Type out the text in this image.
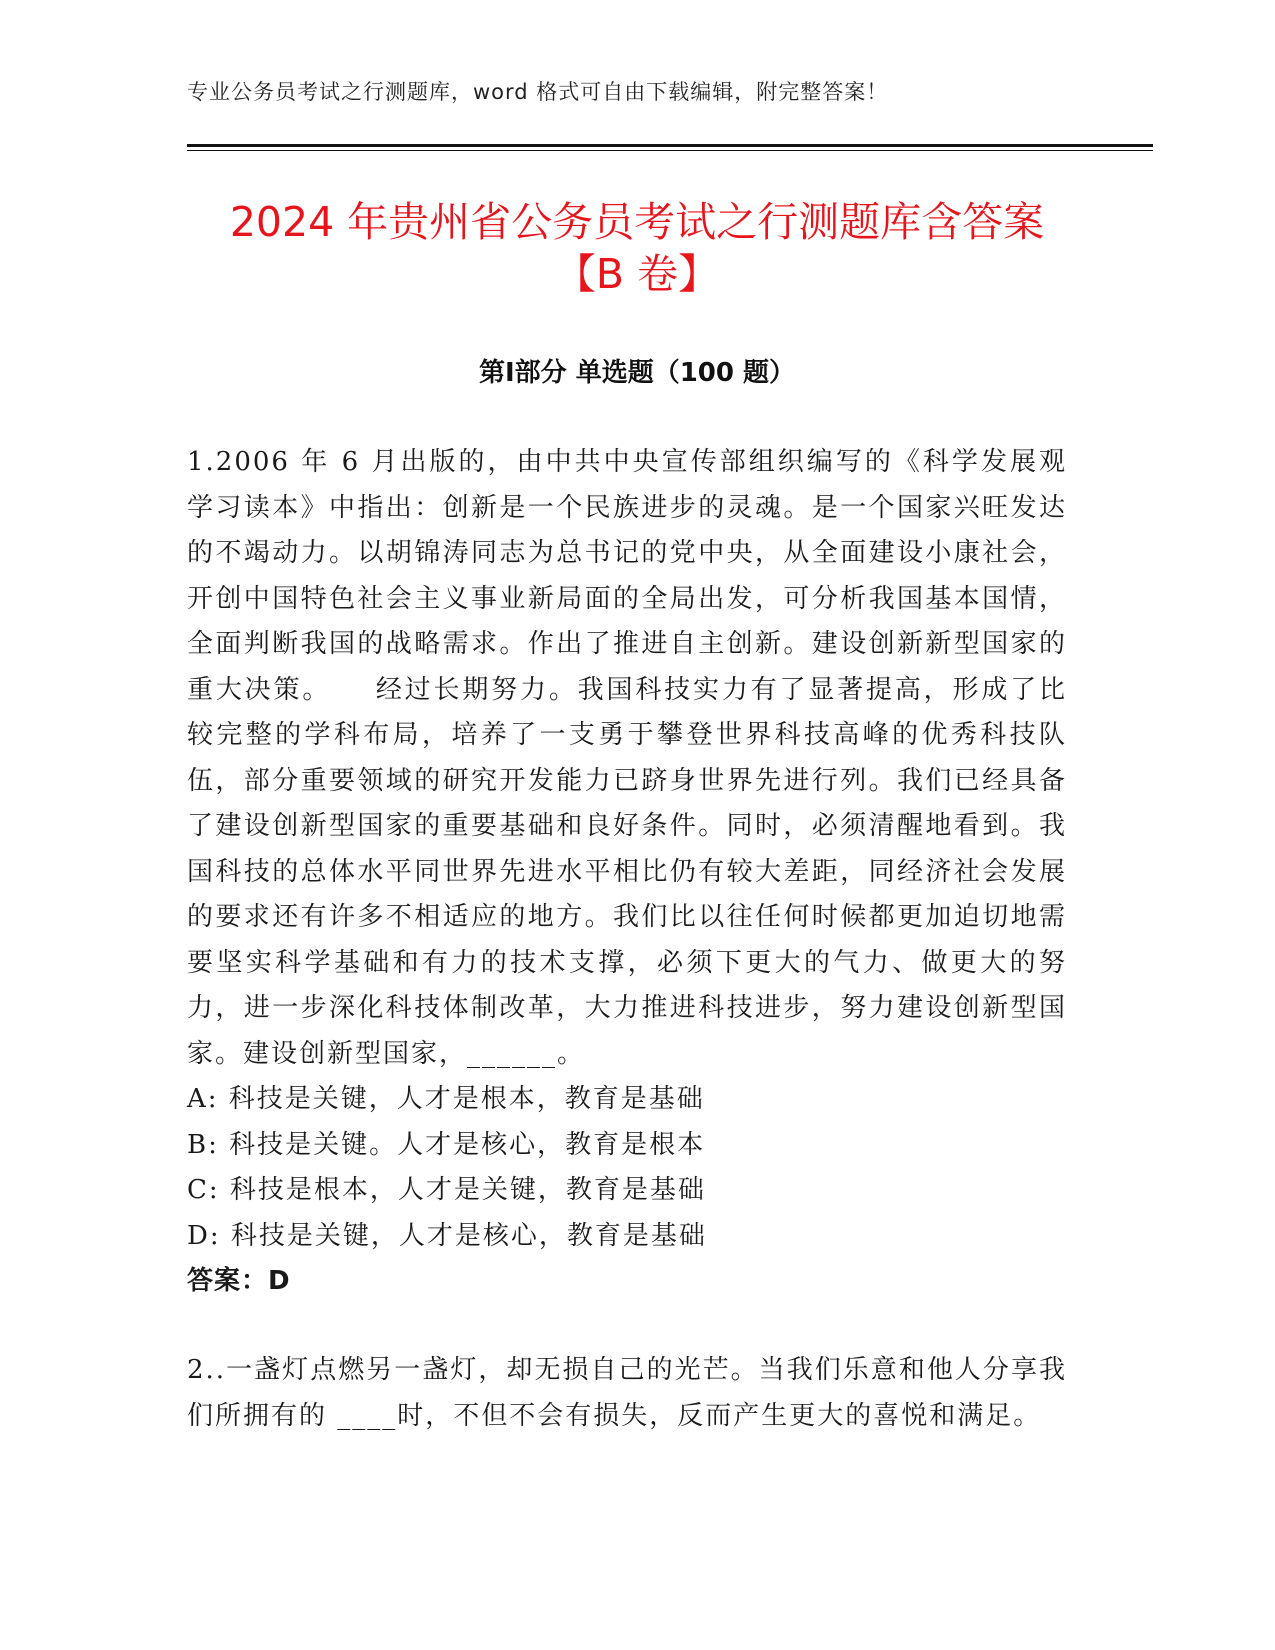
专业公务员考试之行测题库，word 格式可自由下载编辑，附完整答案！
2024 年贵州省公务员考试之行测题库含答案
【B 卷】
第Ⅰ部分 单选题（100 题）
1.2006 年 6 月出版的，由中共中央宣传部组织编写的《科学发展观学习读本》中指出：创新是一个民族进步的灵魂。是一个国家兴旺发达的不竭动力。以胡锦涛同志为总书记的党中央，从全面建设小康社会，开创中国特色社会主义事业新局面的全局出发，可分析我国基本国情，全面判断我国的战略需求。作出了推进自主创新。建设创新新型国家的重大决策。　　经过长期努力。我国科技实力有了显著提高，形成了比较完整的学科布局，培养了一支勇于攀登世界科技高峰的优秀科技队伍，部分重要领域的研究开发能力已跻身世界先进行列。我们已经具备了建设创新型国家的重要基础和良好条件。同时，必须清醒地看到。我国科技的总体水平同世界先进水平相比仍有较大差距，同经济社会发展的要求还有许多不相适应的地方。我们比以往任何时候都更加迫切地需要坚实科学基础和有力的技术支撑，必须下更大的气力、做更大的努力，进一步深化科技体制改革，大力推进科技进步，努力建设创新型国家。建设创新型国家，______。
A: 科技是关键，人才是根本，教育是基础
B: 科技是关键。人才是核心，教育是根本
C: 科技是根本，人才是关键，教育是基础
D: 科技是关键，人才是核心，教育是基础
答案：D
2..一盏灯点燃另一盏灯，却无损自己的光芒。当我们乐意和他人分享我们所拥有的 ____时，不但不会有损失，反而产生更大的喜悦和满足。
